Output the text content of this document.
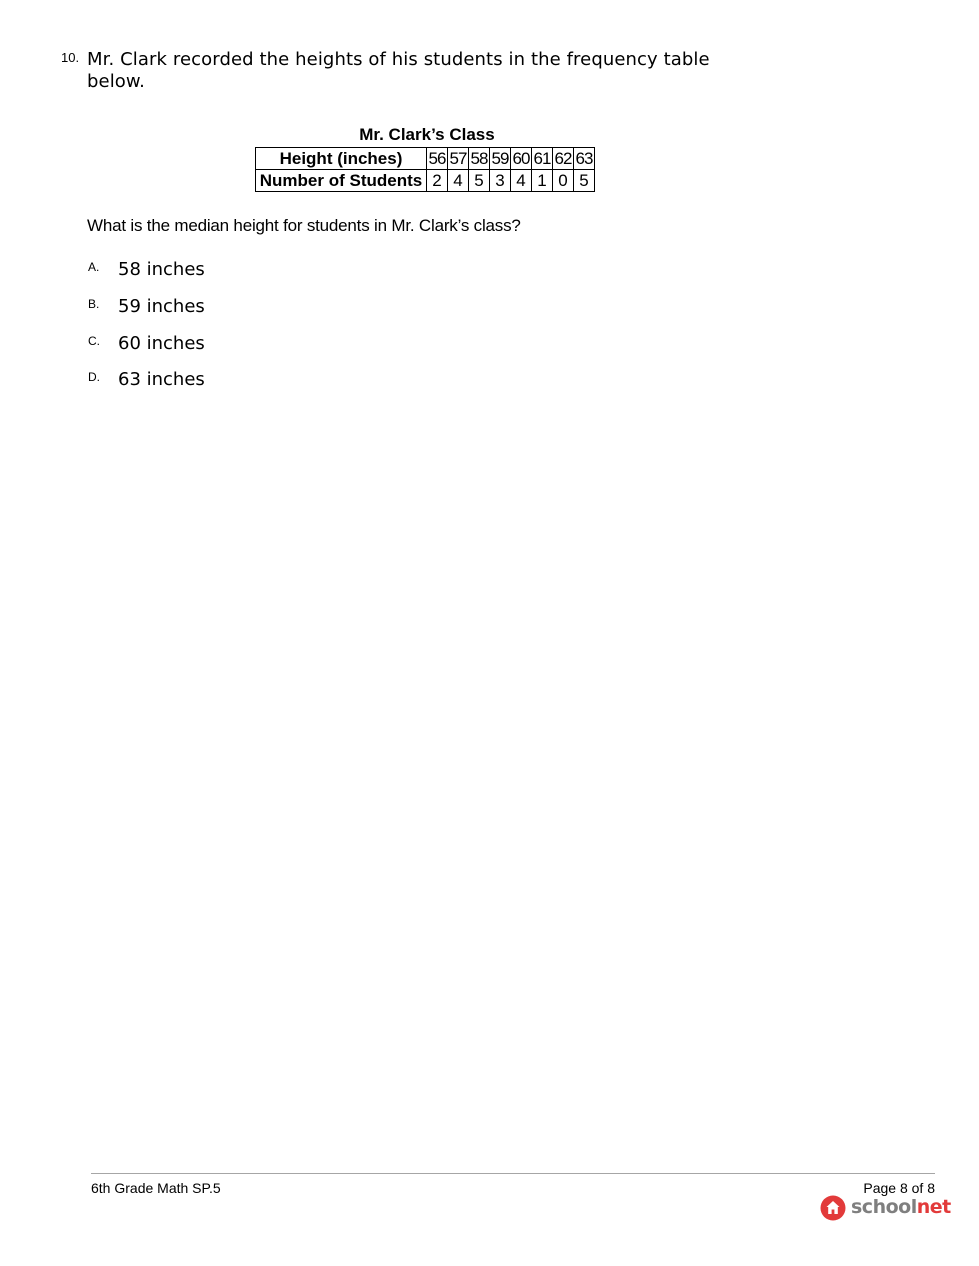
10. Mr. Clark recorded the heights of his students in the frequency table below.
Mr. Clark’s Class
Height (inches)	56	57	58	59	60	61	62	63
Number of Students	2	4	5	3	4	1	0	5
What is the median height for students in Mr. Clark’s class?
A. 58 inches
B. 59 inches
C. 60 inches
D. 63 inches
6th Grade Math SP.5	Page 8 of 8
schoolnet
